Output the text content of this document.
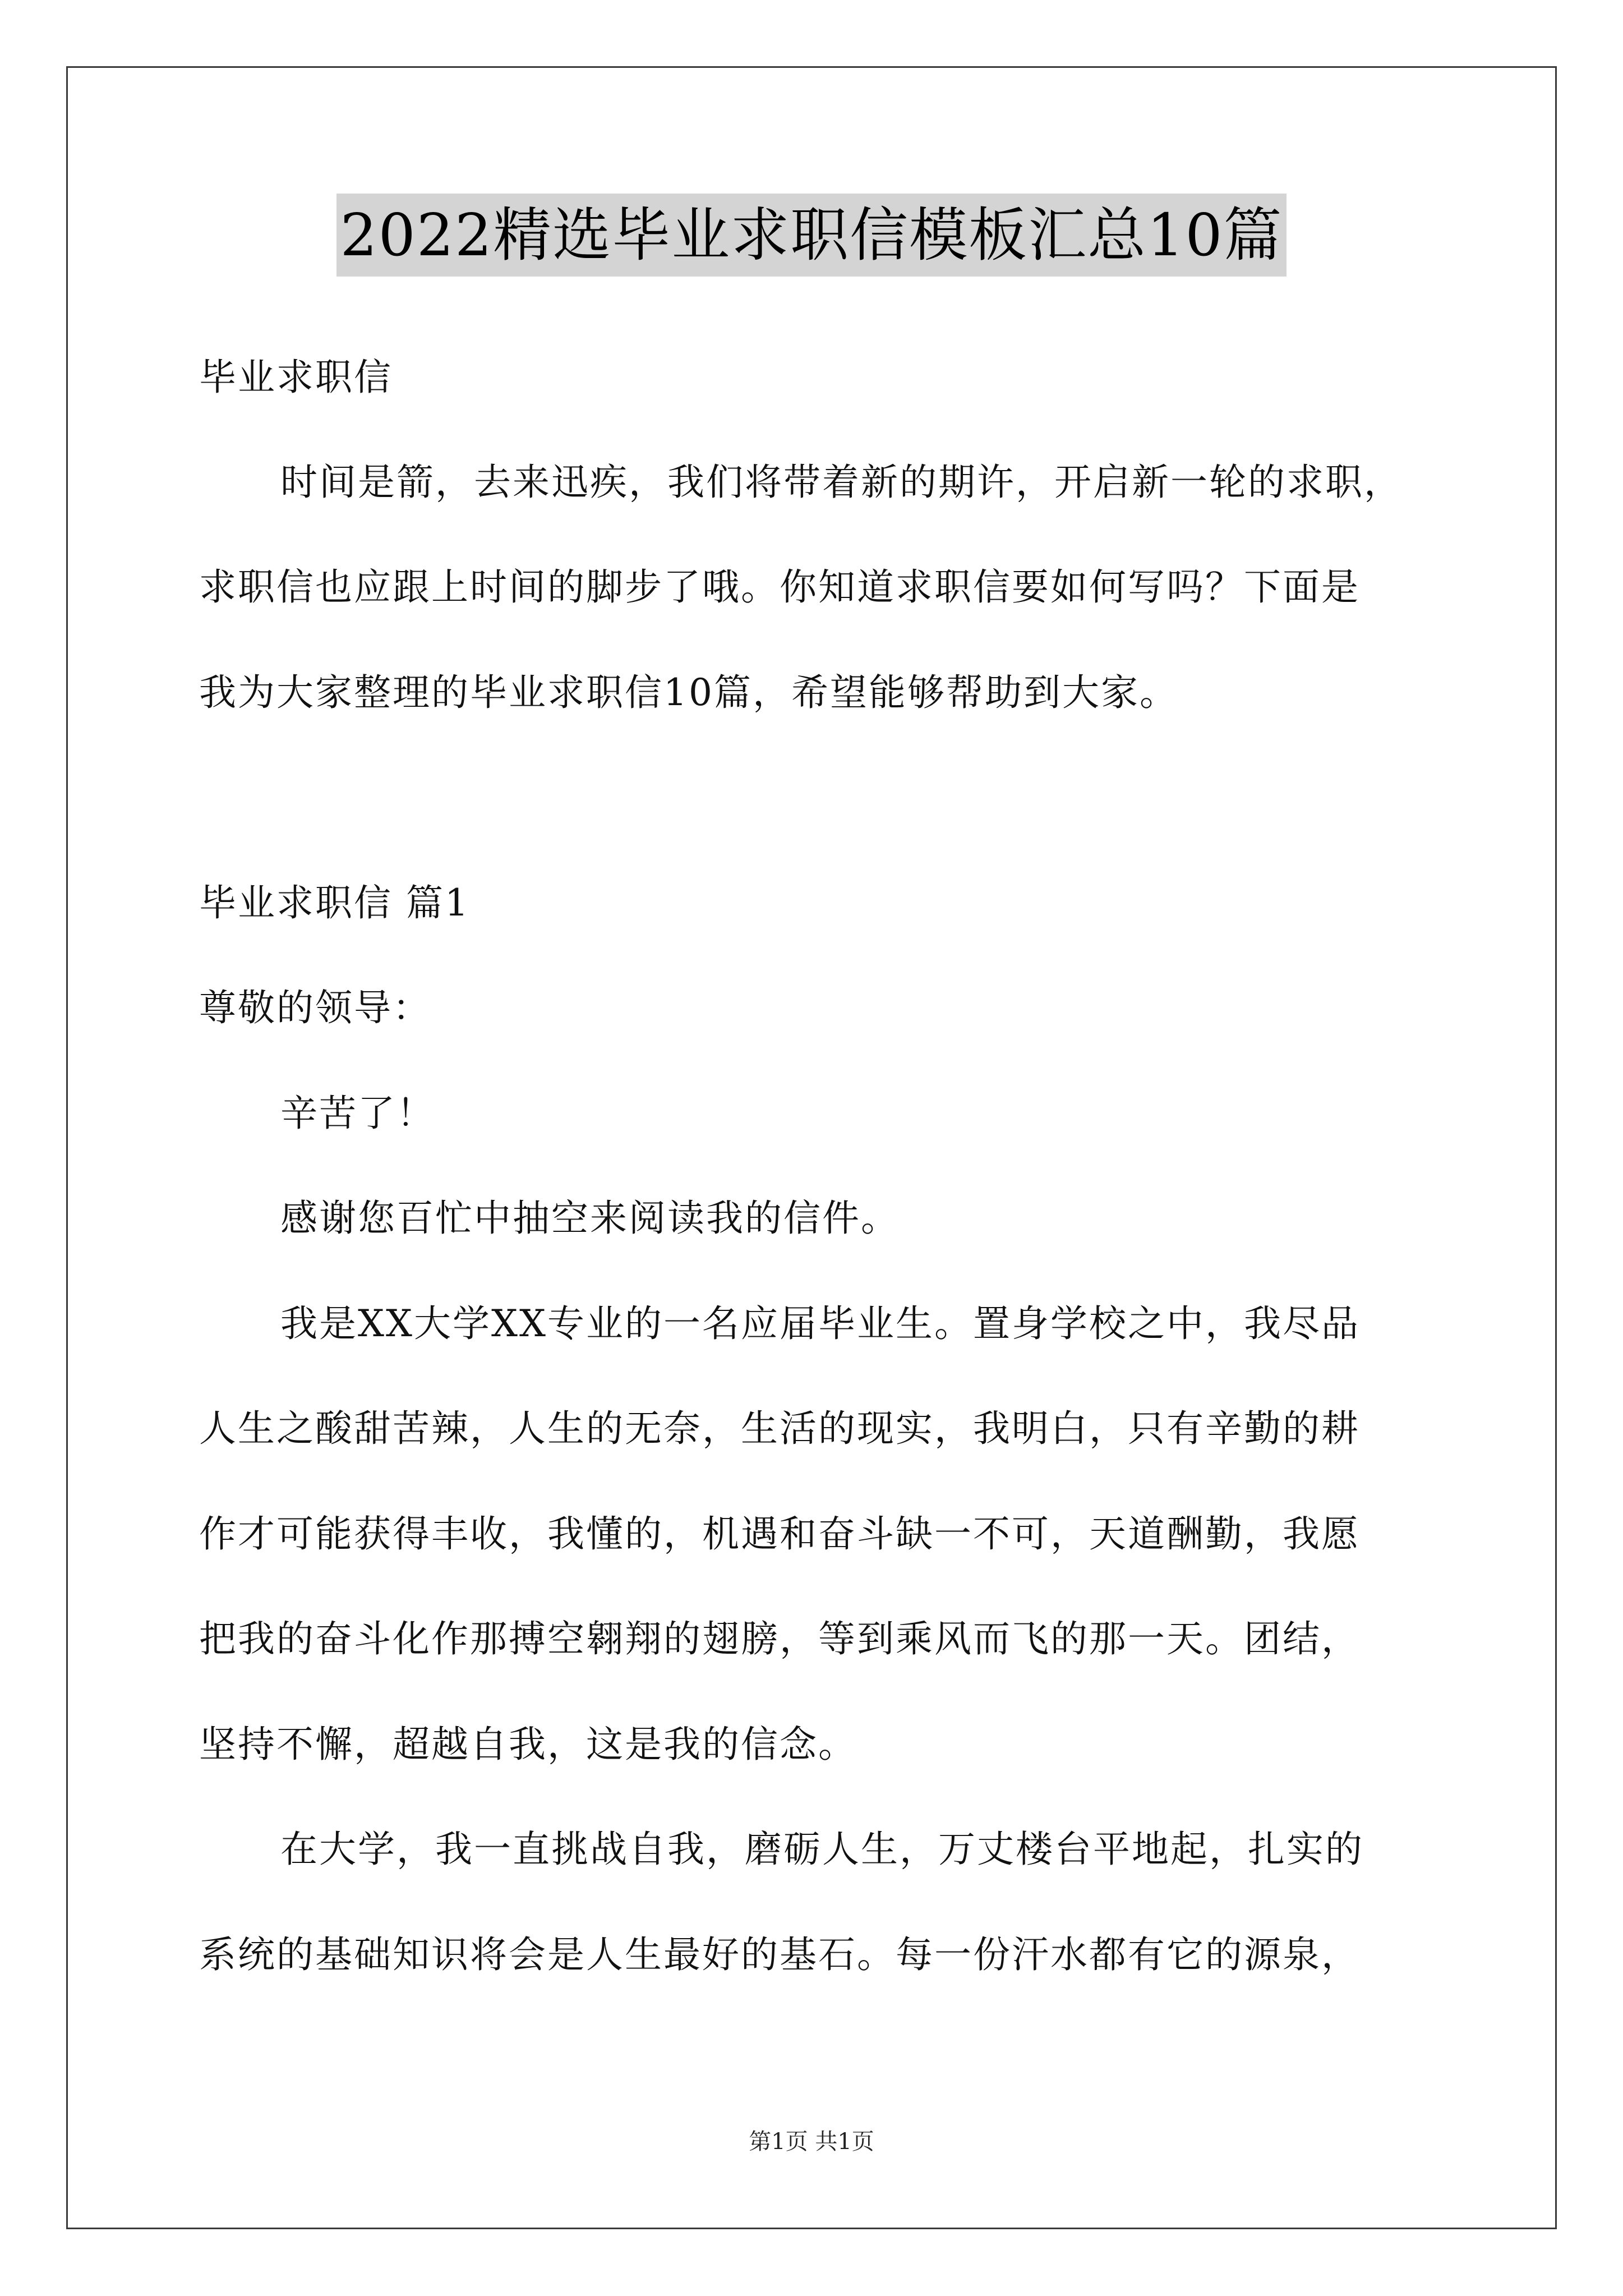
2022精选毕业求职信模板汇总10篇
毕业求职信
时间是箭，去来迅疾，我们将带着新的期许，开启新一轮的求职，
求职信也应跟上时间的脚步了哦。你知道求职信要如何写吗？下面是
我为大家整理的毕业求职信10篇，希望能够帮助到大家。
毕业求职信 篇1
尊敬的领导：
辛苦了！
感谢您百忙中抽空来阅读我的信件。
我是XX大学XX专业的一名应届毕业生。置身学校之中，我尽品
人生之酸甜苦辣，人生的无奈，生活的现实，我明白，只有辛勤的耕
作才可能获得丰收，我懂的，机遇和奋斗缺一不可，天道酬勤，我愿
把我的奋斗化作那搏空翱翔的翅膀，等到乘风而飞的那一天。团结，
坚持不懈，超越自我，这是我的信念。
在大学，我一直挑战自我，磨砺人生，万丈楼台平地起，扎实的
系统的基础知识将会是人生最好的基石。每一份汗水都有它的源泉，
第1页 共1页
